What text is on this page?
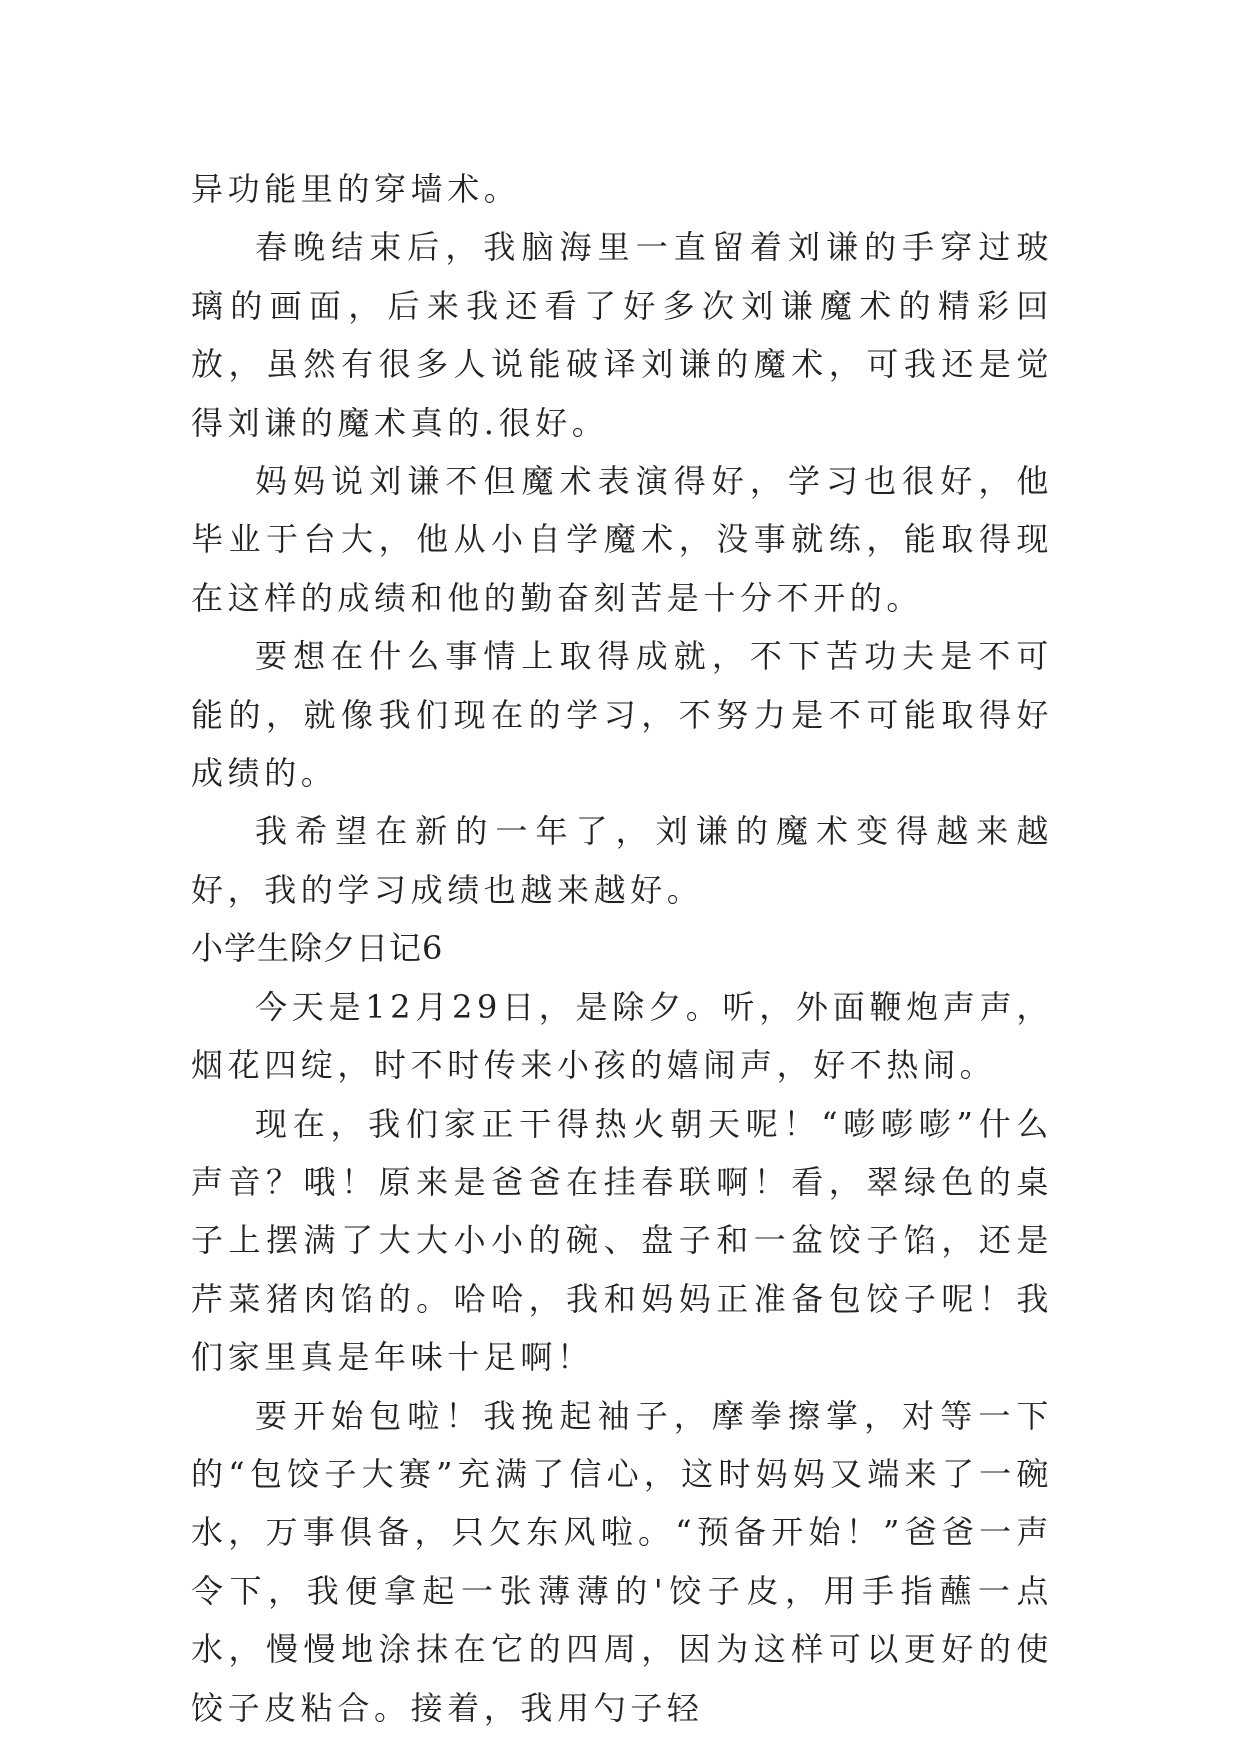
异功能里的穿墙术。

春晚结束后，我脑海里一直留着刘谦的手穿过玻璃的画面，后来我还看了好多次刘谦魔术的精彩回放，虽然有很多人说能破译刘谦的魔术，可我还是觉得刘谦的魔术真的.很好。

妈妈说刘谦不但魔术表演得好，学习也很好，他毕业于台大，他从小自学魔术，没事就练，能取得现在这样的成绩和他的勤奋刻苦是十分不开的。

要想在什么事情上取得成就，不下苦功夫是不可能的，就像我们现在的学习，不努力是不可能取得好成绩的。

我希望在新的一年了，刘谦的魔术变得越来越好，我的学习成绩也越来越好。

小学生除夕日记6

今天是12月29日，是除夕。听，外面鞭炮声声，烟花四绽，时不时传来小孩的嬉闹声，好不热闹。

现在，我们家正干得热火朝天呢！“嘭嘭嘭”什么声音？哦！原来是爸爸在挂春联啊！看，翠绿色的桌子上摆满了大大小小的碗、盘子和一盆饺子馅，还是芹菜猪肉馅的。哈哈，我和妈妈正准备包饺子呢！我们家里真是年味十足啊！

要开始包啦！我挽起袖子，摩拳擦掌，对等一下的“包饺子大赛”充满了信心，这时妈妈又端来了一碗水，万事俱备，只欠东风啦。“预备开始！”爸爸一声令下，我便拿起一张薄薄的'饺子皮，用手指蘸一点水，慢慢地涂抹在它的四周，因为这样可以更好的使饺子皮粘合。接着，我用勺子轻
